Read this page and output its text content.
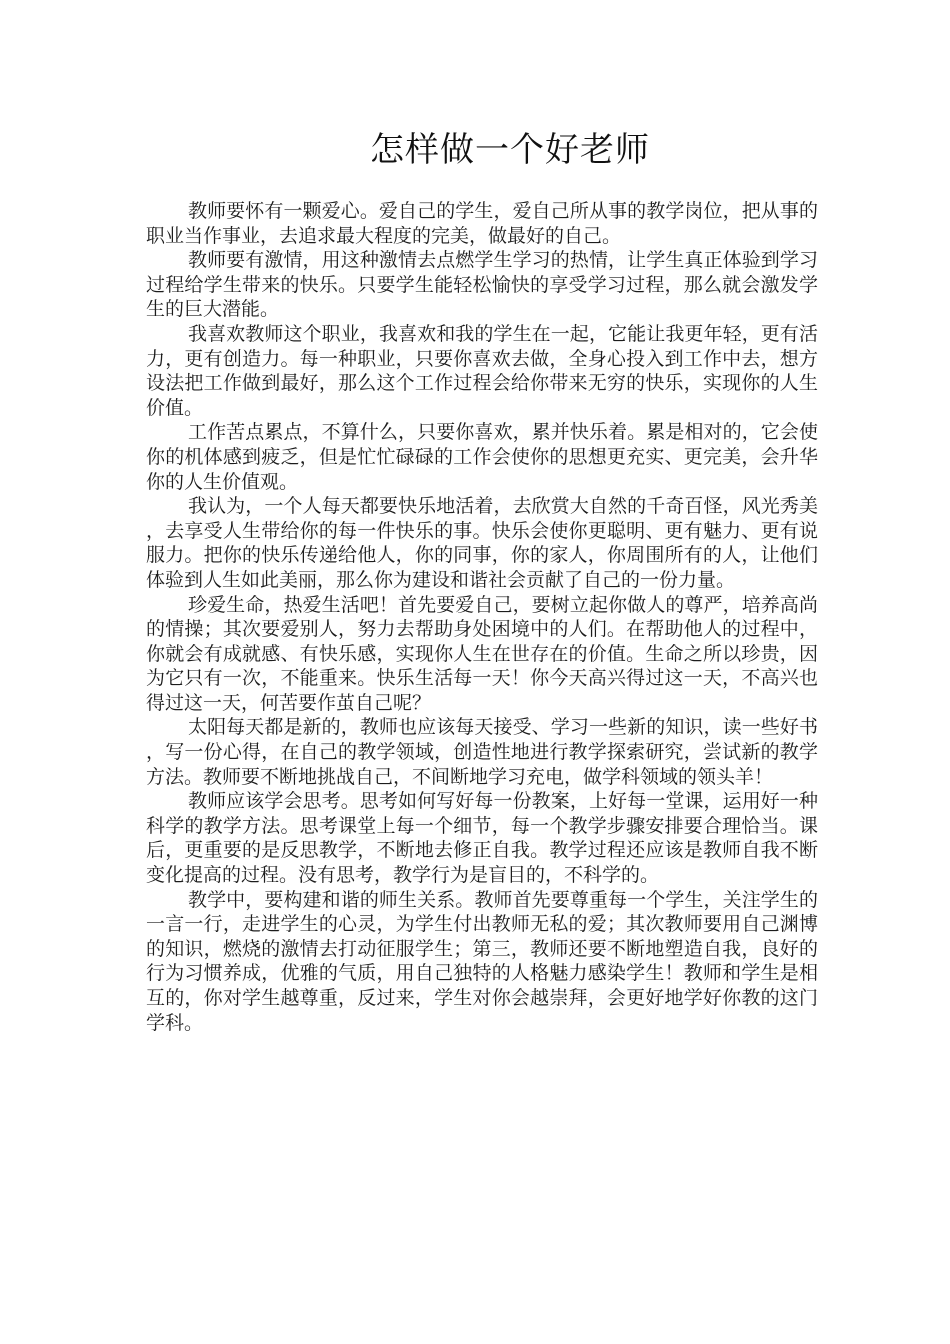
怎样做一个好老师

教师要怀有一颗爱心。爱自己的学生，爱自己所从事的教学岗位，把从事的职业当作事业，去追求最大程度的完美，做最好的自己。

教师要有激情，用这种激情去点燃学生学习的热情，让学生真正体验到学习过程给学生带来的快乐。只要学生能轻松愉快的享受学习过程，那么就会激发学生的巨大潜能。

我喜欢教师这个职业，我喜欢和我的学生在一起，它能让我更年轻，更有活力，更有创造力。每一种职业，只要你喜欢去做，全身心投入到工作中去，想方设法把工作做到最好，那么这个工作过程会给你带来无穷的快乐，实现你的人生价值。

工作苦点累点，不算什么，只要你喜欢，累并快乐着。累是相对的，它会使你的机体感到疲乏，但是忙忙碌碌的工作会使你的思想更充实、更完美，会升华你的人生价值观。

我认为，一个人每天都要快乐地活着，去欣赏大自然的千奇百怪，风光秀美，去享受人生带给你的每一件快乐的事。快乐会使你更聪明、更有魅力、更有说服力。把你的快乐传递给他人，你的同事，你的家人，你周围所有的人，让他们体验到人生如此美丽，那么你为建设和谐社会贡献了自己的一份力量。

珍爱生命，热爱生活吧！首先要爱自己，要树立起你做人的尊严，培养高尚的情操；其次要爱别人，努力去帮助身处困境中的人们。在帮助他人的过程中，你就会有成就感、有快乐感，实现你人生在世存在的价值。生命之所以珍贵，因为它只有一次，不能重来。快乐生活每一天！你今天高兴得过这一天，不高兴也得过这一天，何苦要作茧自己呢？

太阳每天都是新的，教师也应该每天接受、学习一些新的知识，读一些好书，写一份心得，在自己的教学领域，创造性地进行教学探索研究，尝试新的教学方法。教师要不断地挑战自己，不间断地学习充电，做学科领域的领头羊！

教师应该学会思考。思考如何写好每一份教案，上好每一堂课，运用好一种科学的教学方法。思考课堂上每一个细节，每一个教学步骤安排要合理恰当。课后，更重要的是反思教学，不断地去修正自我。教学过程还应该是教师自我不断变化提高的过程。没有思考，教学行为是盲目的，不科学的。

教学中，要构建和谐的师生关系。教师首先要尊重每一个学生，关注学生的一言一行，走进学生的心灵，为学生付出教师无私的爱；其次教师要用自己渊博的知识，燃烧的激情去打动征服学生；第三，教师还要不断地塑造自我，良好的行为习惯养成，优雅的气质，用自己独特的人格魅力感染学生！教师和学生是相互的，你对学生越尊重，反过来，学生对你会越崇拜，会更好地学好你教的这门学科。
